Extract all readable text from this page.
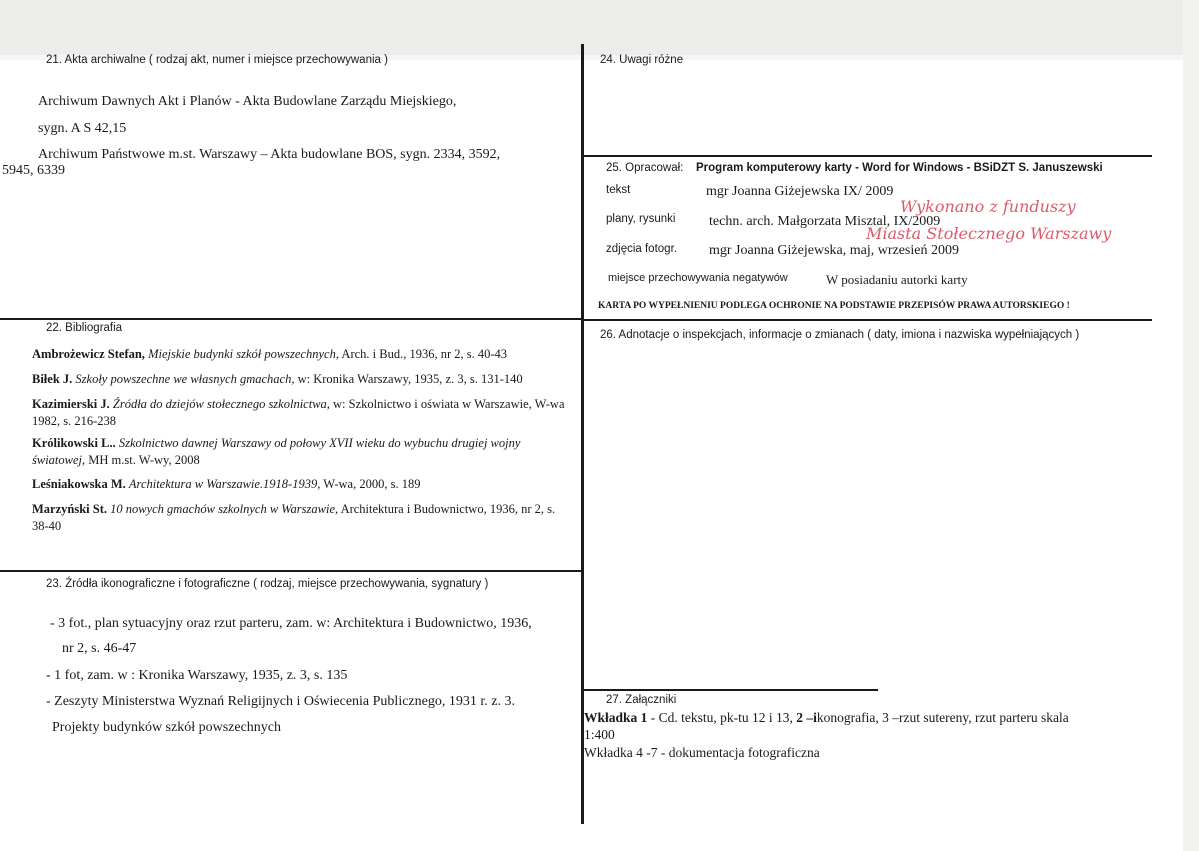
21. Akta archiwalne ( rodzaj akt, numer i miejsce przechowywania )
Archiwum Dawnych Akt i Planów - Akta Budowlane Zarządu Miejskiego,
sygn. A S 42,15
Archiwum Państwowe m.st. Warszawy – Akta budowlane BOS, sygn. 2334, 3592,
5945, 6339
22. Bibliografia
Ambrożewicz Stefan, Miejskie budynki szkół powszechnych, Arch. i Bud., 1936, nr 2, s. 40-43
Biłek J. Szkoły powszechne we własnych gmachach, w: Kronika Warszawy, 1935, z. 3, s. 131-140
Kazimierski J. Źródła do dziejów stołecznego szkolnictwa, w: Szkolnictwo i oświata w Warszawie, W-wa 1982, s. 216-238
Królikowski L.. Szkolnictwo dawnej Warszawy od połowy XVII wieku do wybuchu drugiej wojny światowej, MH m.st. W-wy, 2008
Leśniakowska M. Architektura w Warszawie.1918-1939, W-wa, 2000, s. 189
Marzyński St. 10 nowych gmachów szkolnych w Warszawie, Architektura i Budownictwo, 1936, nr 2, s. 38-40
23. Źródła ikonograficzne i fotograficzne ( rodzaj, miejsce przechowywania, sygnatury )
- 3 fot., plan sytuacyjny oraz rzut parteru, zam. w: Architektura i Budownictwo, 1936,
nr 2, s. 46-47
- 1 fot, zam. w : Kronika Warszawy, 1935, z. 3, s. 135
- Zeszyty Ministerstwa Wyznań Religijnych i Oświecenia Publicznego, 1931 r. z. 3.
Projekty budynków szkół powszechnych
24. Uwagi różne
25. Opracował: Program komputerowy karty - Word for Windows - BSiDZT S. Januszewski
tekst	mgr Joanna Giżejewska IX/ 2009
plany, rysunki techn. arch. Małgorzata Misztal, IX/2009
zdjęcia fotogr. mgr Joanna Giżejewska, maj, wrzesień 2009
miejsce przechowywania negatywów	W posiadaniu autorki karty
KARTA PO WYPEŁNIENIU PODLEGA OCHRONIE NA PODSTAWIE PRZEPISÓW PRAWA AUTORSKIEGO !
Wykonano z funduszy
Miasta Stołecznego Warszawy
26. Adnotacje o inspekcjach, informacje o zmianach ( daty, imiona i nazwiska wypełniających )
27. Załączniki
Wkładka 1 - Cd. tekstu, pk-tu 12 i 13, 2 –ikonografia, 3 –rzut sutereny, rzut parteru skala
1:400
Wkładka 4 -7 - dokumentacja fotograficzna
